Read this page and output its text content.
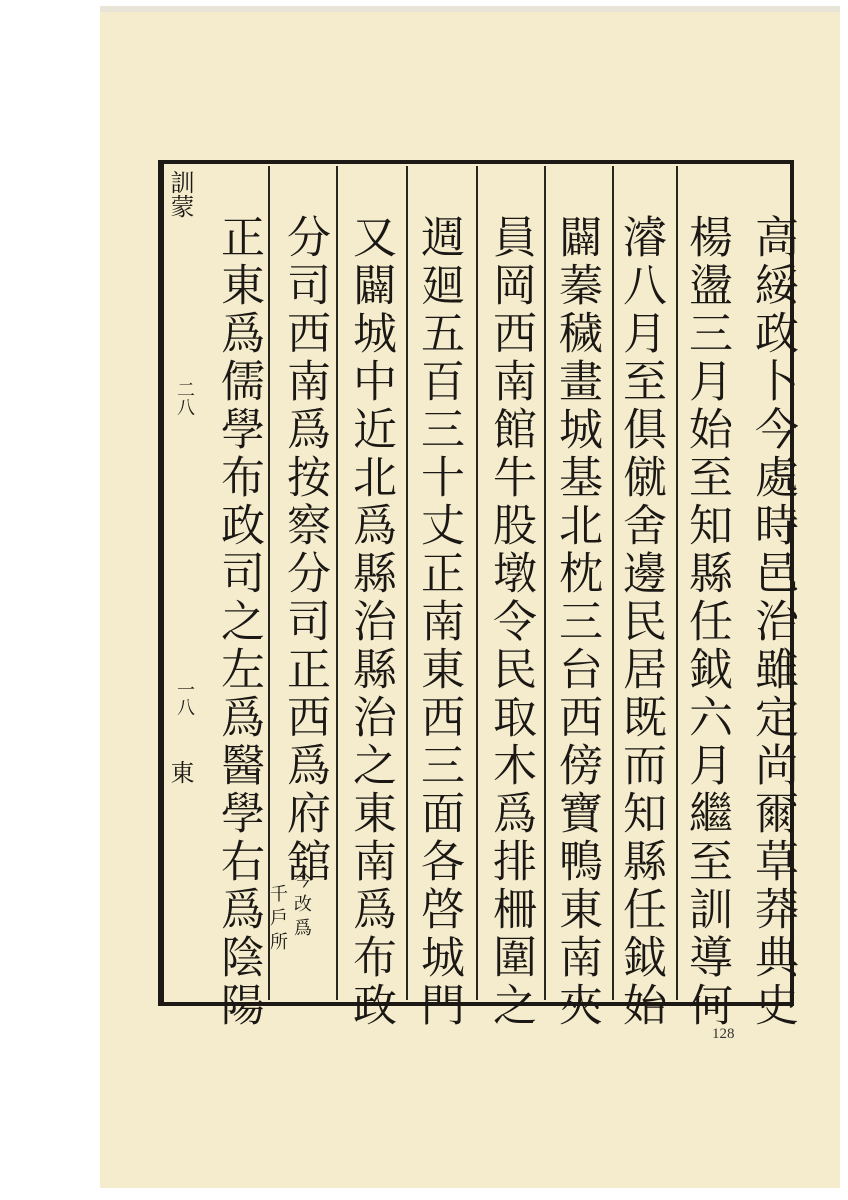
訓蒙
二八
一八
東	高綏政卜今處時邑治雖定尚爾草莽典史
楊盪三月始至知縣任鉞六月繼至訓導何
濬八月至俱僦舍邊民居既而知縣任鉞始
闢蓁穢畫城基北枕三台西傍寶鴨東南夾
員岡西南館牛股墩令民取木爲排柵圍之
週廻五百三十丈正南東西三面各啓城門
又闢城中近北爲縣治縣治之東南爲布政
分司西南爲按察分司正西爲府舘
正東爲儒學布政司之左爲醫學右爲陰陽	今改爲
千戶所
128
